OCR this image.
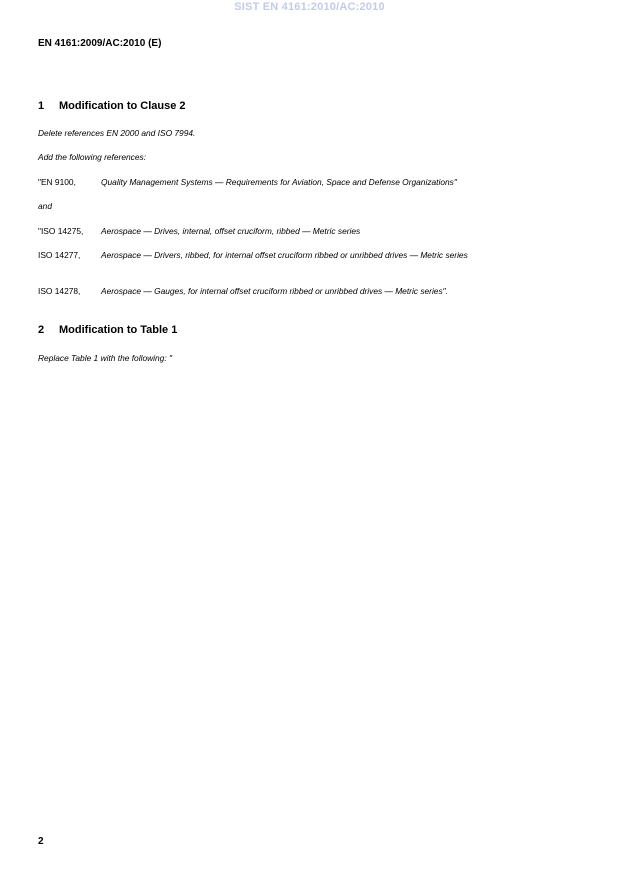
SIST EN 4161:2010/AC:2010
EN 4161:2009/AC:2010 (E)
1 Modification to Clause 2
Delete references EN 2000 and ISO 7994.
Add the following references:
"EN 9100,	Quality Management Systems — Requirements for Aviation, Space and Defense Organizations"
and
"ISO 14275, Aerospace — Drives, internal, offset cruciform, ribbed — Metric series
ISO 14277, Aerospace — Drivers, ribbed, for internal offset cruciform ribbed or unribbed drives — Metric series
ISO 14278, Aerospace — Gauges, for internal offset cruciform ribbed or unribbed drives — Metric series".
2 Modification to Table 1
Replace Table 1 with the following: "
2
